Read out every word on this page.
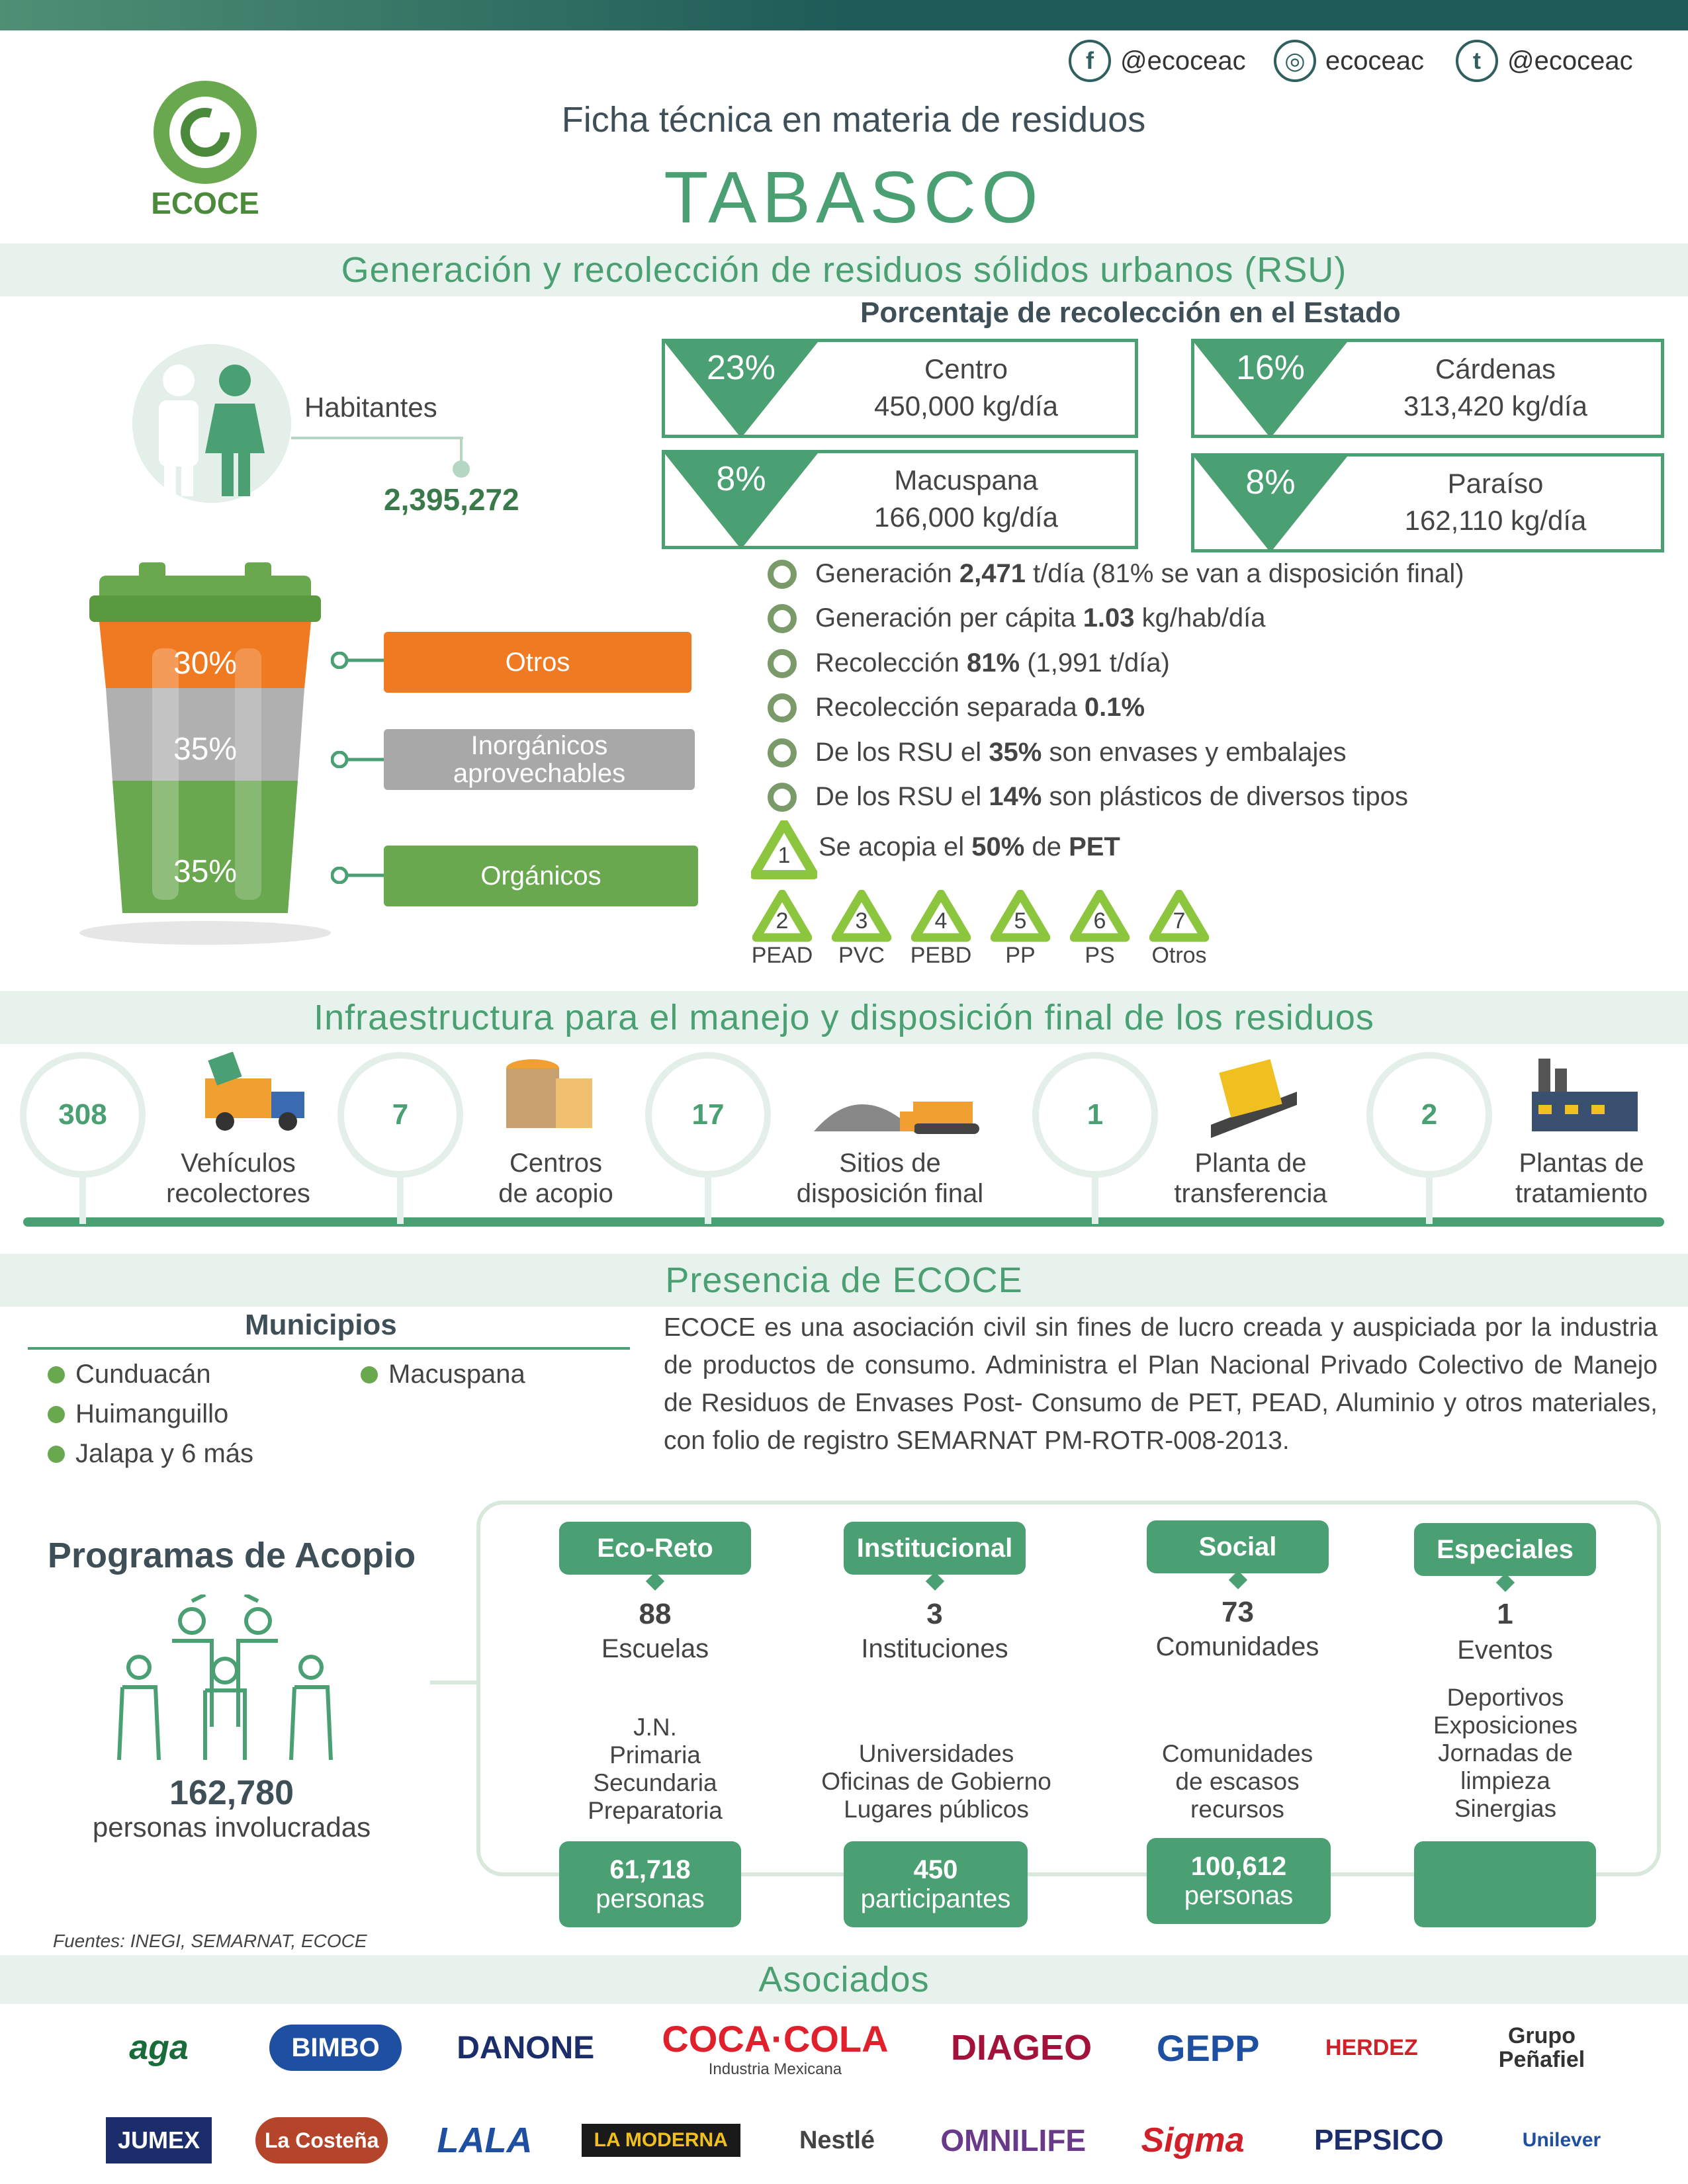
f	@ecoceac	◎ ecoceac	t	@ecoceac
ECOCE
Ficha técnica en materia de residuos
TABASCO
Generación y recolección de residuos sólidos urbanos (RSU)
Habitantes
2,395,272
Porcentaje de recolección en el Estado
23%	Centro
450,000 kg/día
16%	Cárdenas
313,420 kg/día
8%	Macuspana
166,000 kg/día
8%	Paraíso
162,110 kg/día
30%
35%
35%
Otros
Inorgánicos aprovechables
Orgánicos
Generación 2,471 t/día (81% se van a disposición final)
Generación per cápita 1.03 kg/hab/día
Recolección 81% (1,991 t/día)
Recolección separada 0.1%
De los RSU el 35% son envases y embalajes
De los RSU el 14% son plásticos de diversos tipos
1	Se acopia el 50% de PET
2
PEAD
3
PVC
4
PEBD
5
PP
6
PS
7
Otros
Infraestructura para el manejo y disposición final de los residuos
308
Vehículos
recolectores
7
Centros
de acopio
17
Sitios de
disposición final
1
Planta de
transferencia
2
Plantas de
tratamiento
Presencia de ECOCE
Municipios
Cunduacán
Huimanguillo
Jalapa y 6 más
Macuspana
ECOCE es una asociación civil sin fines de lucro creada y auspiciada por la industria de productos de consumo. Administra el Plan Nacional Privado Colectivo de Manejo de Residuos de Envases Post- Consumo de PET, PEAD, Aluminio y otros materiales, con folio de registro SEMARNAT PM-ROTR-008-2013.
Programas de Acopio
162,780
personas involucradas
Eco-Reto
88
Escuelas
J.N.
Primaria
Secundaria
Preparatoria
61,718
personas
Institucional
3
Instituciones
Universidades
Oficinas de Gobierno
Lugares públicos
450
participantes
Social
73
Comunidades
Comunidades
de escasos
recursos
100,612
personas
Especiales
1
Eventos
Deportivos
Exposiciones
Jornadas de
limpieza
Sinergias
Fuentes: INEGI, SEMARNAT, ECOCE
Asociados
aga	BIMBO	DANONE	COCA·COLA
Industria Mexicana
DIAGEO	GEPP	HERDEZ	Grupo Peñafiel
JUMEX	La Costeña LALA	LA MODERNA	Nestlé	OMNILIFE Sigma	PEPSICO	Unilever
